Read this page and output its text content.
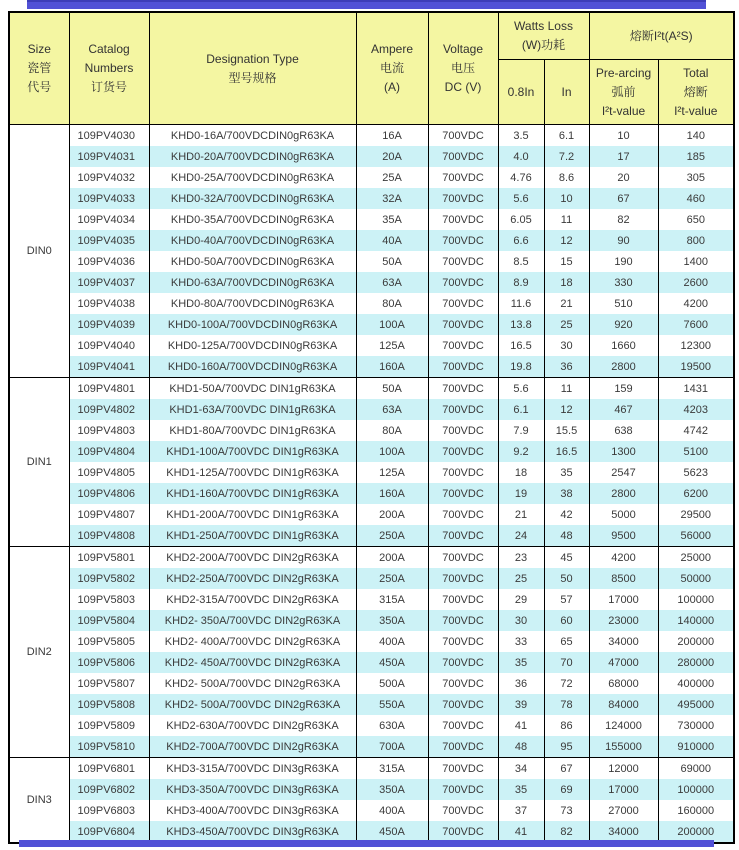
Size
瓷管
代号

Catalog
Numbers
订货号

Designation Type
型号规格

Ampere
电流
(A)

Voltage
电压
DC (V)

Watts Loss
(W)功耗

熔断I²t(A²S)

0.8In	In	
Pre-arcing
弧前
I²t-value

Total
熔断
I²t-value

DIN0	109PV4030	KHD0-16A/700VDCDIN0gR63KA	16A	700VDC	3.5	6.1	10	140
	109PV4031	KHD0-20A/700VDCDIN0gR63KA	20A	700VDC	4.0	7.2	17	185
	109PV4032	KHD0-25A/700VDCDIN0gR63KA	25A	700VDC	4.76	8.6	20	305
	109PV4033	KHD0-32A/700VDCDIN0gR63KA	32A	700VDC	5.6	10	67	460
	109PV4034	KHD0-35A/700VDCDIN0gR63KA	35A	700VDC	6.05	11	82	650
	109PV4035	KHD0-40A/700VDCDIN0gR63KA	40A	700VDC	6.6	12	90	800
	109PV4036	KHD0-50A/700VDCDIN0gR63KA	50A	700VDC	8.5	15	190	1400
	109PV4037	KHD0-63A/700VDCDIN0gR63KA	63A	700VDC	8.9	18	330	2600
	109PV4038	KHD0-80A/700VDCDIN0gR63KA	80A	700VDC	11.6	21	510	4200
	109PV4039	KHD0-100A/700VDCDIN0gR63KA	100A	700VDC	13.8	25	920	7600
	109PV4040	KHD0-125A/700VDCDIN0gR63KA	125A	700VDC	16.5	30	1660	12300
	109PV4041	KHD0-160A/700VDCDIN0gR63KA	160A	700VDC	19.8	36	2800	19500
DIN1	109PV4801	KHD1-50A/700VDC DIN1gR63KA	50A	700VDC	5.6	11	159	1431
	109PV4802	KHD1-63A/700VDC DIN1gR63KA	63A	700VDC	6.1	12	467	4203
	109PV4803	KHD1-80A/700VDC DIN1gR63KA	80A	700VDC	7.9	15.5	638	4742
	109PV4804	KHD1-100A/700VDC DIN1gR63KA	100A	700VDC	9.2	16.5	1300	5100
	109PV4805	KHD1-125A/700VDC DIN1gR63KA	125A	700VDC	18	35	2547	5623
	109PV4806	KHD1-160A/700VDC DIN1gR63KA	160A	700VDC	19	38	2800	6200
	109PV4807	KHD1-200A/700VDC DIN1gR63KA	200A	700VDC	21	42	5000	29500
	109PV4808	KHD1-250A/700VDC DIN1gR63KA	250A	700VDC	24	48	9500	56000
DIN2	109PV5801	KHD2-200A/700VDC DIN2gR63KA	200A	700VDC	23	45	4200	25000
	109PV5802	KHD2-250A/700VDC DIN2gR63KA	250A	700VDC	25	50	8500	50000
	109PV5803	KHD2-315A/700VDC DIN2gR63KA	315A	700VDC	29	57	17000	100000
	109PV5804	KHD2- 350A/700VDC DIN2gR63KA	350A	700VDC	30	60	23000	140000
	109PV5805	KHD2- 400A/700VDC DIN2gR63KA	400A	700VDC	33	65	34000	200000
	109PV5806	KHD2- 450A/700VDC DIN2gR63KA	450A	700VDC	35	70	47000	280000
	109PV5807	KHD2- 500A/700VDC DIN2gR63KA	500A	700VDC	36	72	68000	400000
	109PV5808	KHD2- 500A/700VDC DIN2gR63KA	550A	700VDC	39	78	84000	495000
	109PV5809	KHD2-630A/700VDC DIN2gR63KA	630A	700VDC	41	86	124000	730000
	109PV5810	KHD2-700A/700VDC DIN2gR63KA	700A	700VDC	48	95	155000	910000
DIN3	109PV6801	KHD3-315A/700VDC DIN3gR63KA	315A	700VDC	34	67	12000	69000
	109PV6802	KHD3-350A/700VDC DIN3gR63KA	350A	700VDC	35	69	17000	100000
	109PV6803	KHD3-400A/700VDC DIN3gR63KA	400A	700VDC	37	73	27000	160000
	109PV6804	KHD3-450A/700VDC DIN3gR63KA	450A	700VDC	41	82	34000	200000
